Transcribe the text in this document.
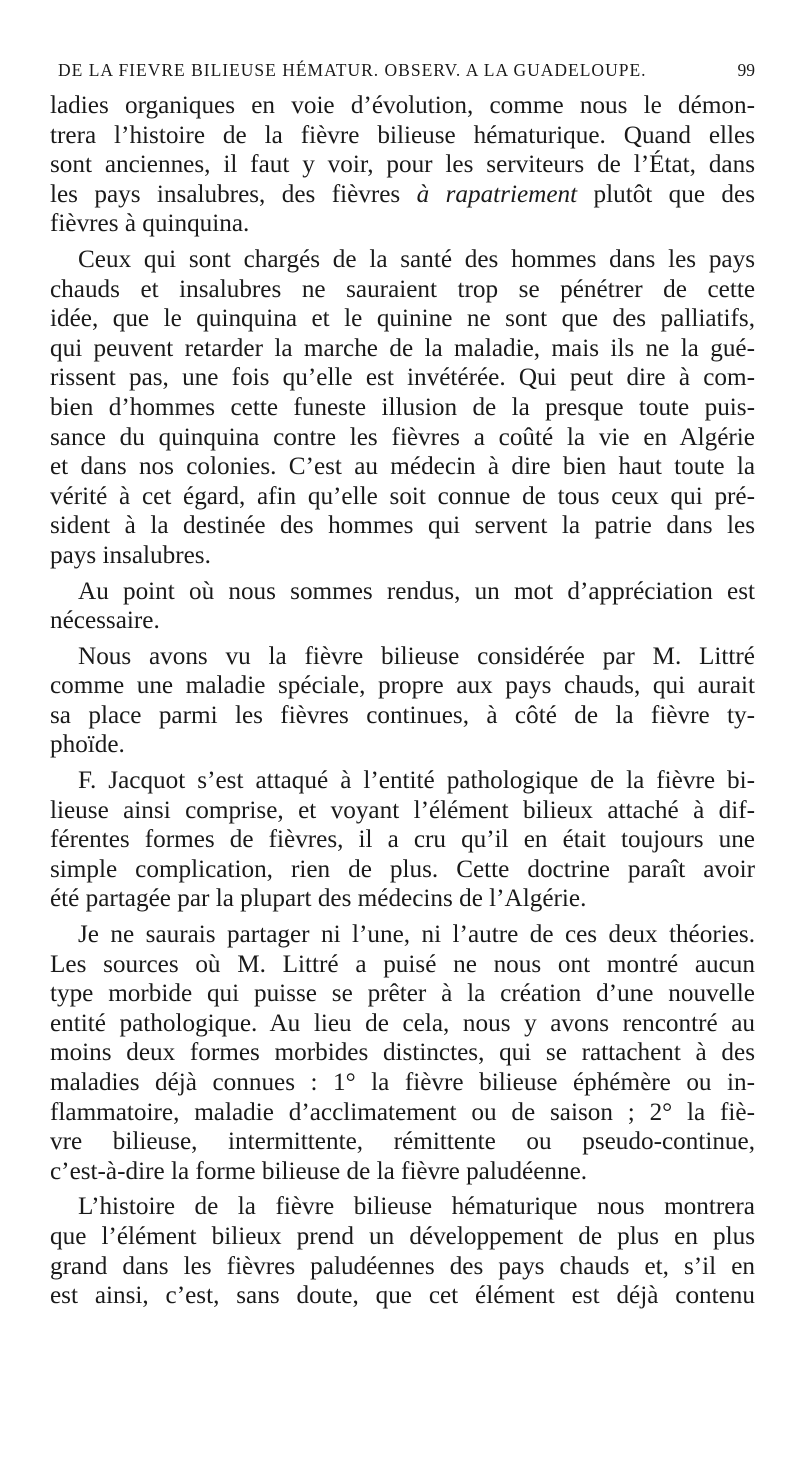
DE LA FIEVRE BILIEUSE HÉMATUR. OBSERV. A LA GUADELOUPE.	99

ladies organiques en voie d’évolution, comme nous le démon-
trera l’histoire de la fièvre bilieuse hématurique. Quand elles
sont anciennes, il faut y voir, pour les serviteurs de l’État, dans
les pays insalubres, des fièvres à rapatriement plutôt que des
fièvres à quinquina.

Ceux qui sont chargés de la santé des hommes dans les pays
chauds et insalubres ne sauraient trop se pénétrer de cette
idée, que le quinquina et le quinine ne sont que des palliatifs,
qui peuvent retarder la marche de la maladie, mais ils ne la gué-
rissent pas, une fois qu’elle est invétérée. Qui peut dire à com-
bien d’hommes cette funeste illusion de la presque toute puis-
sance du quinquina contre les fièvres a coûté la vie en Algérie
et dans nos colonies. C’est au médecin à dire bien haut toute la
vérité à cet égard, afin qu’elle soit connue de tous ceux qui pré-
sident à la destinée des hommes qui servent la patrie dans les
pays insalubres.

Au point où nous sommes rendus, un mot d’appréciation est
nécessaire.

Nous avons vu la fièvre bilieuse considérée par M. Littré
comme une maladie spéciale, propre aux pays chauds, qui aurait
sa place parmi les fièvres continues, à côté de la fièvre ty-
phoïde.

F. Jacquot s’est attaqué à l’entité pathologique de la fièvre bi-
lieuse ainsi comprise, et voyant l’élément bilieux attaché à dif-
férentes formes de fièvres, il a cru qu’il en était toujours une
simple complication, rien de plus. Cette doctrine paraît avoir
été partagée par la plupart des médecins de l’Algérie.

Je ne saurais partager ni l’une, ni l’autre de ces deux théories.
Les sources où M. Littré a puisé ne nous ont montré aucun
type morbide qui puisse se prêter à la création d’une nouvelle
entité pathologique. Au lieu de cela, nous y avons rencontré au
moins deux formes morbides distinctes, qui se rattachent à des
maladies déjà connues : 1° la fièvre bilieuse éphémère ou in-
flammatoire, maladie d’acclimatement ou de saison ; 2° la fiè-
vre bilieuse, intermittente, rémittente ou pseudo-continue,
c’est-à-dire la forme bilieuse de la fièvre paludéenne.

L’histoire de la fièvre bilieuse hématurique nous montrera
que l’élément bilieux prend un développement de plus en plus
grand dans les fièvres paludéennes des pays chauds et, s’il en
est ainsi, c’est, sans doute, que cet élément est déjà contenu
